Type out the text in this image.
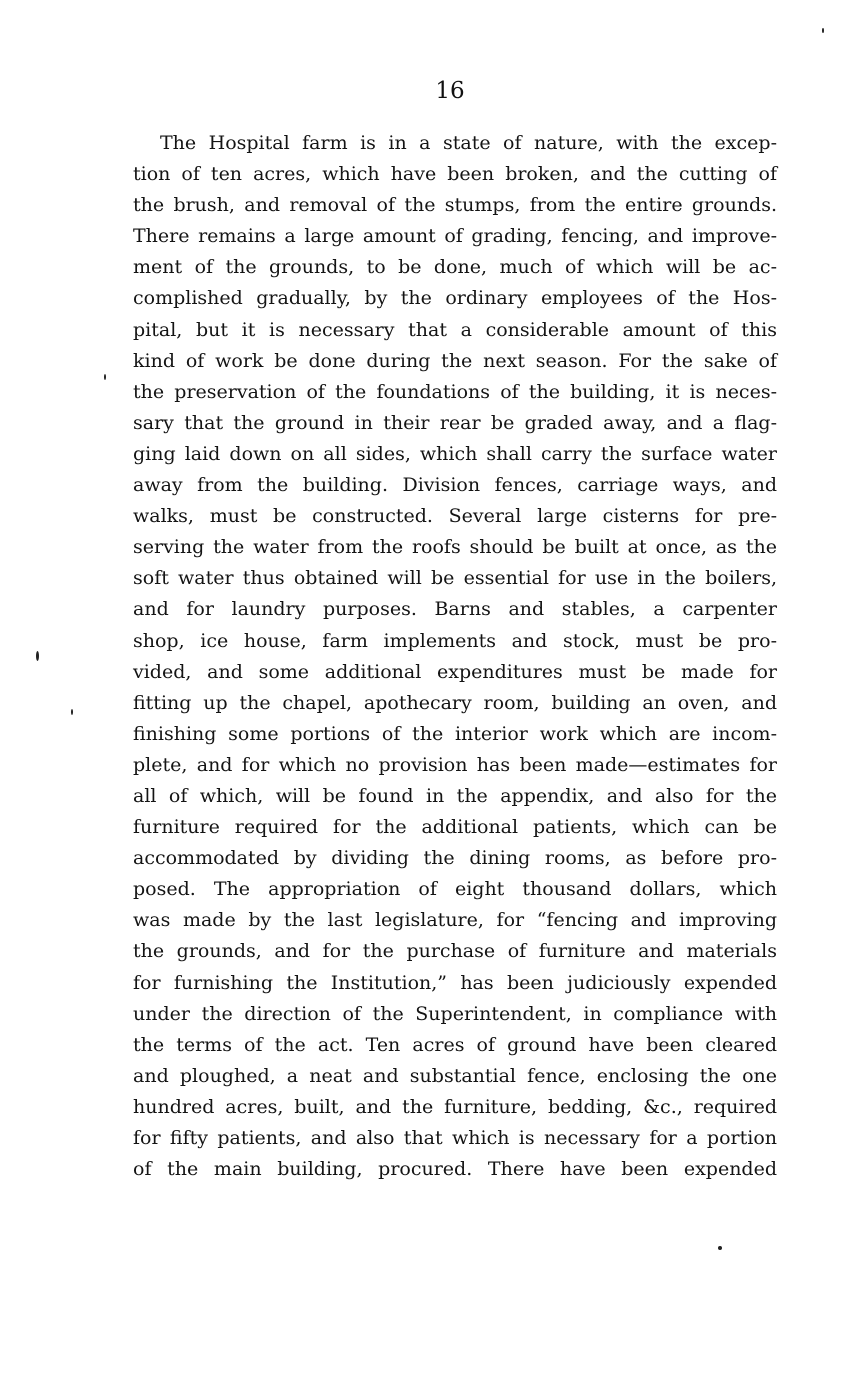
16
The Hospital farm is in a state of nature, with the excep-
tion of ten acres, which have been broken, and the cutting of
the brush, and removal of the stumps, from the entire grounds.
There remains a large amount of grading, fencing, and improve-
ment of the grounds, to be done, much of which will be ac-
complished gradually, by the ordinary employees of the Hos-
pital, but it is necessary that a considerable amount of this
kind of work be done during the next season. For the sake of
the preservation of the foundations of the building, it is neces-
sary that the ground in their rear be graded away, and a flag-
ging laid down on all sides, which shall carry the surface water
away from the building. Division fences, carriage ways, and
walks, must be constructed. Several large cisterns for pre-
serving the water from the roofs should be built at once, as the
soft water thus obtained will be essential for use in the boilers,
and for laundry purposes. Barns and stables, a carpenter
shop, ice house, farm implements and stock, must be pro-
vided, and some additional expenditures must be made for
fitting up the chapel, apothecary room, building an oven, and
finishing some portions of the interior work which are incom-
plete, and for which no provision has been made—estimates for
all of which, will be found in the appendix, and also for the
furniture required for the additional patients, which can be
accommodated by dividing the dining rooms, as before pro-
posed. The appropriation of eight thousand dollars, which
was made by the last legislature, for “fencing and improving
the grounds, and for the purchase of furniture and materials
for furnishing the Institution,” has been judiciously expended
under the direction of the Superintendent, in compliance with
the terms of the act. Ten acres of ground have been cleared
and ploughed, a neat and substantial fence, enclosing the one
hundred acres, built, and the furniture, bedding, &c., required
for fifty patients, and also that which is necessary for a portion
of the main building, procured. There have been expended
